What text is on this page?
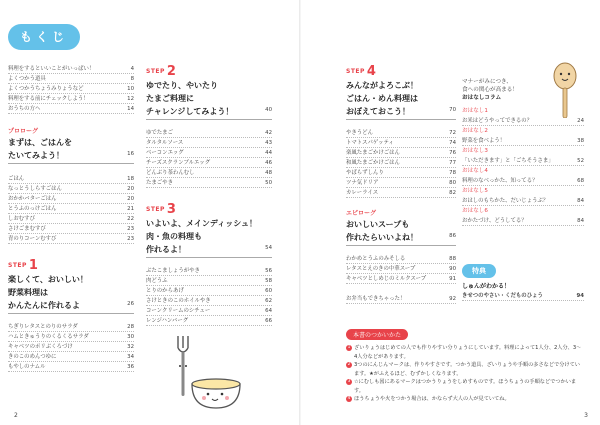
もくじ
料理をするといいことがいっぱい！	4
よくつかう道具	8
よくつかうちょうみりょうなど	10
料理をする前にチェックしよう！	12
おうちの方へ	14
プロローグ
まずは、ごはんを
たいてみよう！	16
ごはん	18
なっとうしらすごはん	20
おかかバターごはん	20
とうふのっけごはん	21
しおむすび	22
さけごまむすび	23
青のりコーンむすび	23
STEP 1
楽しくて、おいしい！
野菜料理は
かんたんに作れるよ	26
ちぎりレタスとのりのサラダ	28
ハムときゅうりのくるくるサラダ	30
キャベツのポリぶくろづけ	32
きのこのめんつゆに	34
もやしのナムル	36
STEP 2
ゆでたり、やいたり
たまご料理に
チャレンジしてみよう！	40
ゆでたまご	42
タルタルソース	43
ベーコンエッグ	44
チーズスクランブルエッグ	46
どんぶり茶わんむし	48
たまごやき	50
STEP 3
いよいよ、メインディッシュ！
肉・魚の料理も
作れるよ！	54
ぶたこましょうがやき	56
肉どうふ	58
とりのからあげ	60
さけときのこのホイルやき	62
コーンクリームのシチュー	64
レンジハンバーグ	66
2
STEP 4
みんながよろこぶ！
ごはん・めん料理は
おぼえておこう！	70
やきうどん	72
トマトスパゲッティ	74
楽風たまごかけごはん	76
和風たまごかけごはん	77
やばらずしんり	78
ツナ気ドリア	80
カレーライス	82
エピローグ
おいしいスープも
作れたらいいよね！	86
わかめとうふのみそしる	88
レタスとえのきの中華スープ	90
キャベツとしめじのミルクスープ	91
お弁当もできちゃった！	92
マナーがみにつき、
食への関心が高まる！
おはなしコラム
おはなし1
お米はどうやってできるの？	24
おはなし2
野菜を食べよう！	38
おはなし3
「いただきます」と「ごちそうさま」	52
おはなし4
料理のなべっかた、知ってる？	68
おはなし5
おはしのもちかた、だいじょうぶ？	84
おはなし6
おかたづけ、どうしてる？	84
特典
しゅんがわかる！
きせつのやさい・くだものひょう	94
本書のつかいかた
1 ざいりょうはじめての人でも作りやすい分りょうにしています。料理によって1人分、2人分、3〜4人分などがあります。
2 3つのにんじんマークは、作りやすさです。つかう道具、ざいりょうや手順の多さなどで分けています。★がふえるほど、むずかしくなります。
3 ☆にむしも図にあるマークはつかうりょうをしめすものです。ほうちょうの手順などでつかいます。
4 ほうちょうや火をつかう場合は、かならず大人の人が見ていてね。
3
